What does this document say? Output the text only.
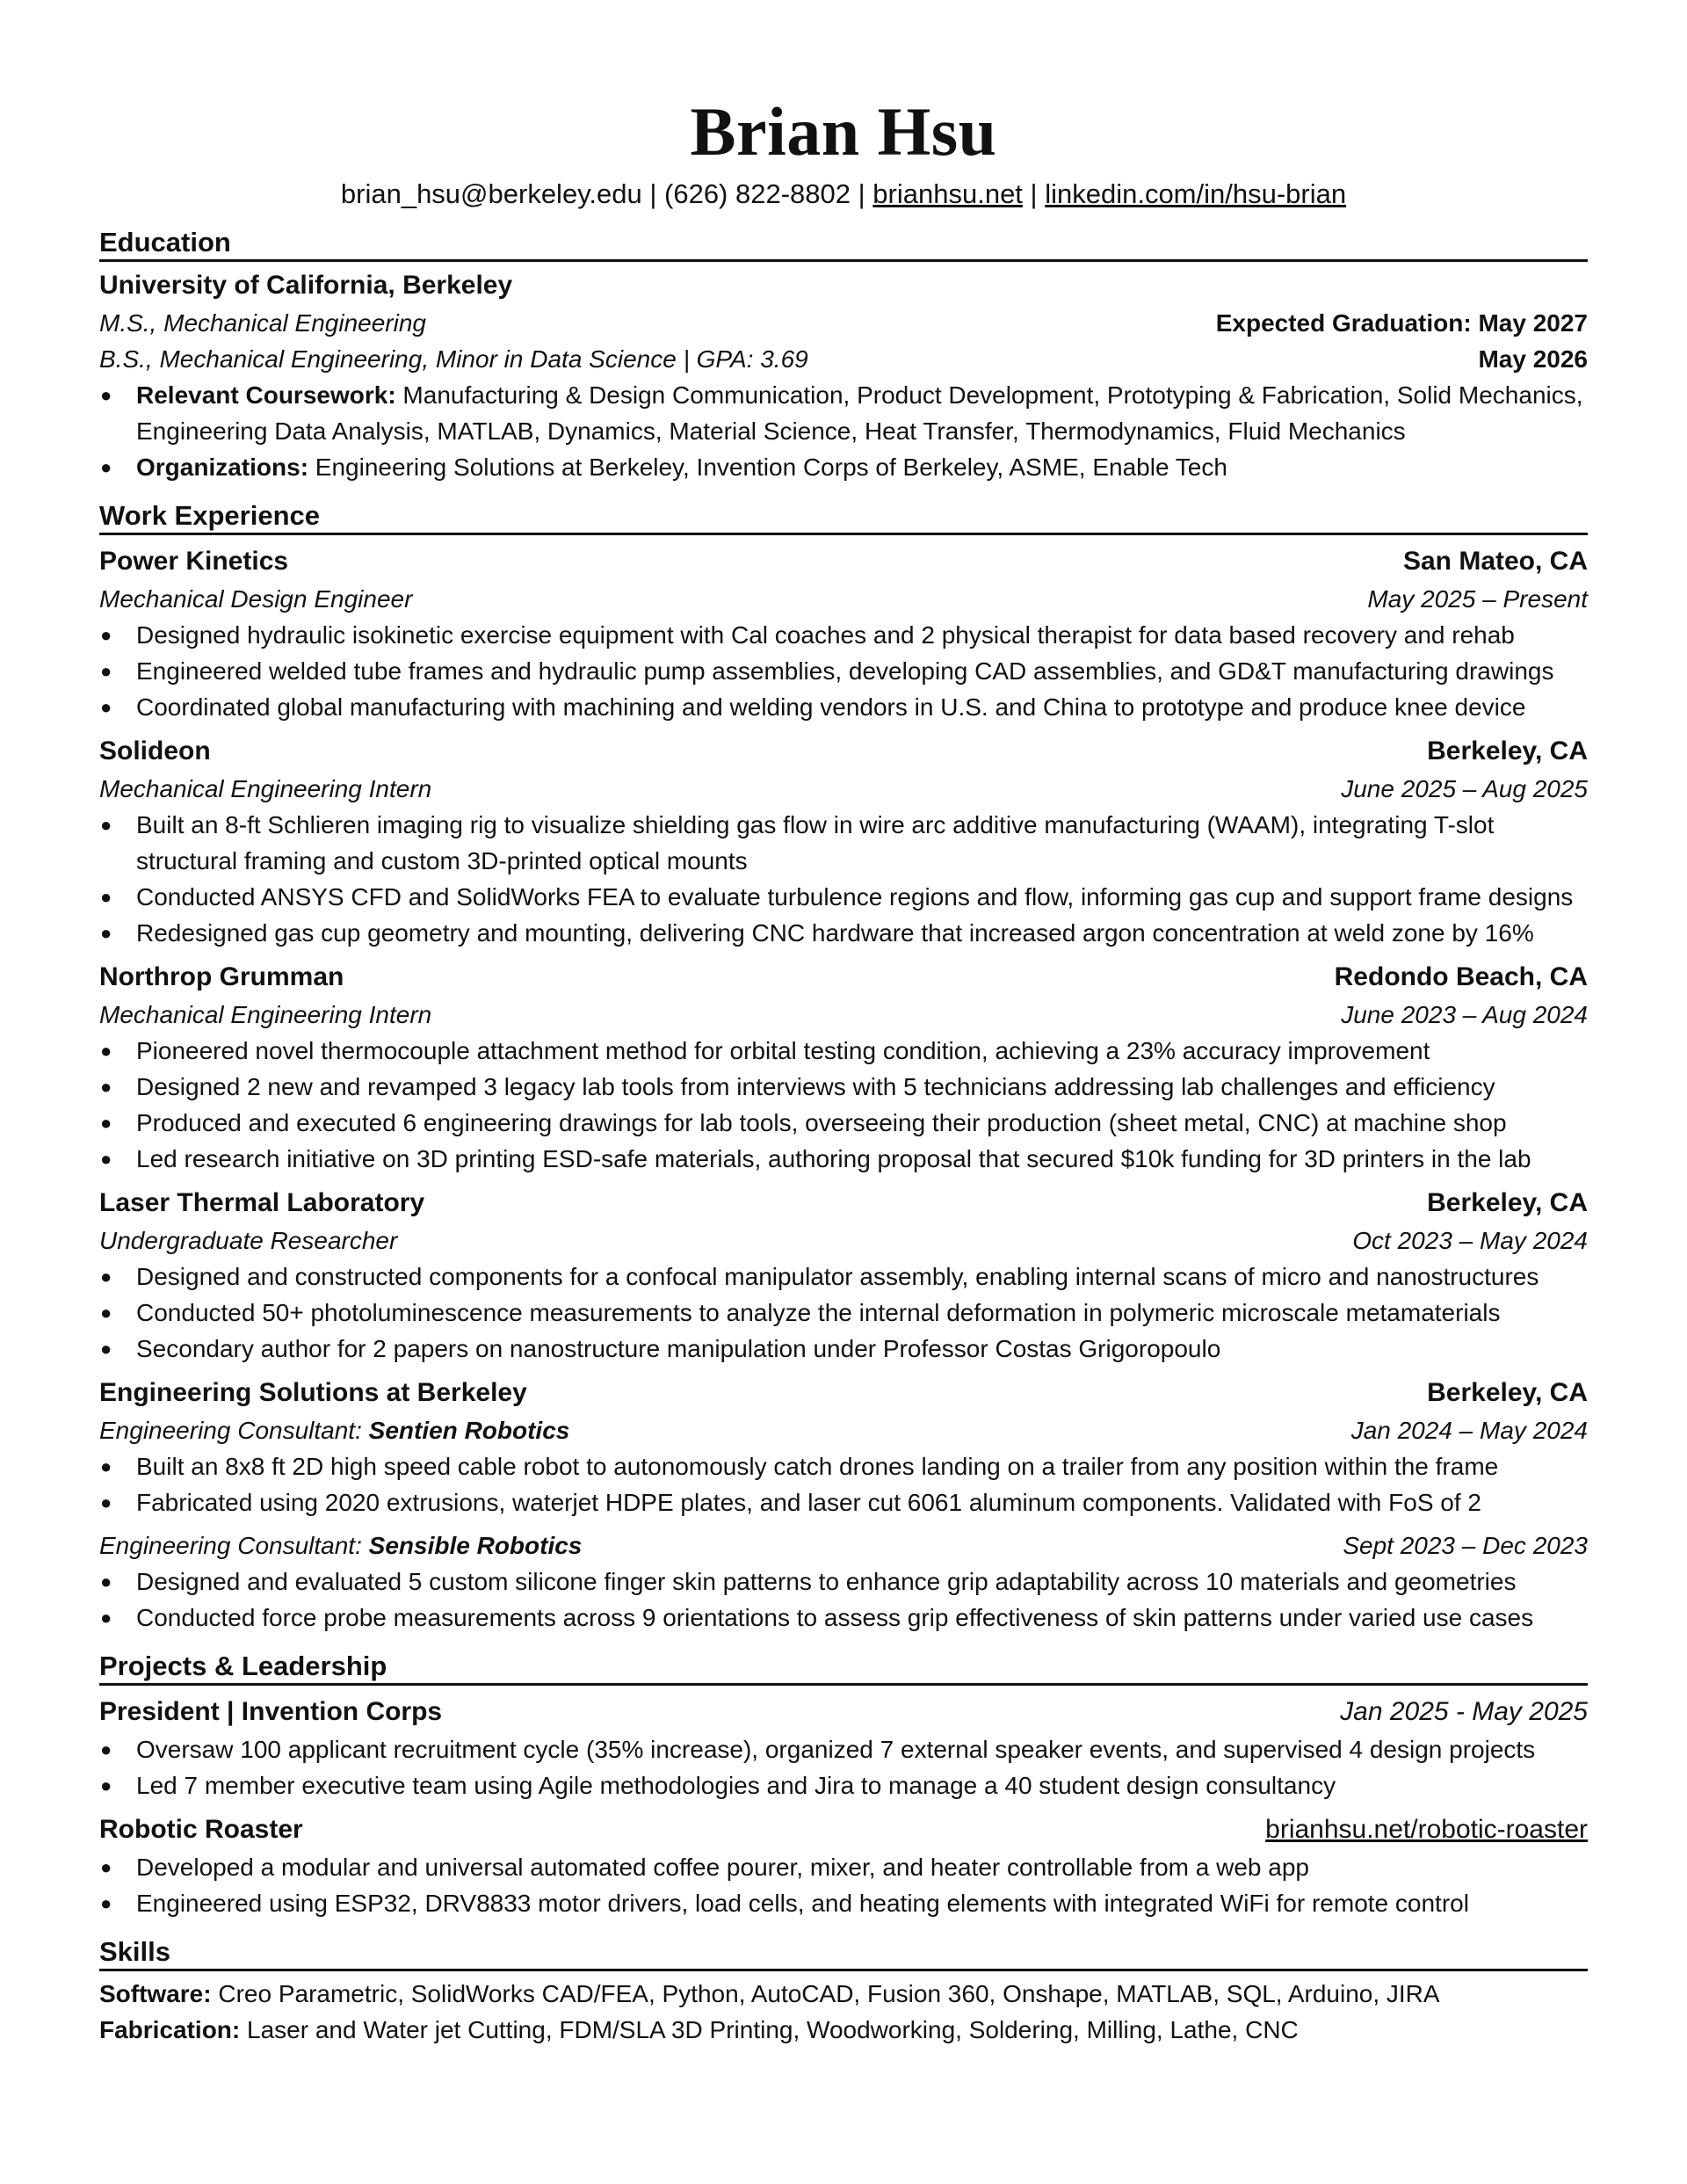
Brian Hsu
brian_hsu@berkeley.edu | (626) 822-8802 | brianhsu.net | linkedin.com/in/hsu-brian
Education
University of California, Berkeley
M.S., Mechanical Engineering	Expected Graduation: May 2027
B.S., Mechanical Engineering, Minor in Data Science | GPA: 3.69	May 2026
● Relevant Coursework: Manufacturing & Design Communication, Product Development, Prototyping & Fabrication, Solid Mechanics, Engineering Data Analysis, MATLAB, Dynamics, Material Science, Heat Transfer, Thermodynamics, Fluid Mechanics
● Organizations: Engineering Solutions at Berkeley, Invention Corps of Berkeley, ASME, Enable Tech
Work Experience
Power Kinetics	San Mateo, CA
Mechanical Design Engineer	May 2025 – Present
● Designed hydraulic isokinetic exercise equipment with Cal coaches and 2 physical therapist for data based recovery and rehab
● Engineered welded tube frames and hydraulic pump assemblies, developing CAD assemblies, and GD&T manufacturing drawings
● Coordinated global manufacturing with machining and welding vendors in U.S. and China to prototype and produce knee device
Solideon	Berkeley, CA
Mechanical Engineering Intern	June 2025 – Aug 2025
● Built an 8-ft Schlieren imaging rig to visualize shielding gas flow in wire arc additive manufacturing (WAAM), integrating T-slot structural framing and custom 3D-printed optical mounts
● Conducted ANSYS CFD and SolidWorks FEA to evaluate turbulence regions and flow, informing gas cup and support frame designs
● Redesigned gas cup geometry and mounting, delivering CNC hardware that increased argon concentration at weld zone by 16%
Northrop Grumman	Redondo Beach, CA
Mechanical Engineering Intern	June 2023 – Aug 2024
● Pioneered novel thermocouple attachment method for orbital testing condition, achieving a 23% accuracy improvement
● Designed 2 new and revamped 3 legacy lab tools from interviews with 5 technicians addressing lab challenges and efficiency
● Produced and executed 6 engineering drawings for lab tools, overseeing their production (sheet metal, CNC) at machine shop
● Led research initiative on 3D printing ESD-safe materials, authoring proposal that secured $10k funding for 3D printers in the lab
Laser Thermal Laboratory	Berkeley, CA
Undergraduate Researcher	Oct 2023 – May 2024
● Designed and constructed components for a confocal manipulator assembly, enabling internal scans of micro and nanostructures
● Conducted 50+ photoluminescence measurements to analyze the internal deformation in polymeric microscale metamaterials
● Secondary author for 2 papers on nanostructure manipulation under Professor Costas Grigoropoulo
Engineering Solutions at Berkeley	Berkeley, CA
Engineering Consultant: Sentien Robotics	Jan 2024 – May 2024
● Built an 8x8 ft 2D high speed cable robot to autonomously catch drones landing on a trailer from any position within the frame
● Fabricated using 2020 extrusions, waterjet HDPE plates, and laser cut 6061 aluminum components. Validated with FoS of 2
Engineering Consultant: Sensible Robotics	Sept 2023 – Dec 2023
● Designed and evaluated 5 custom silicone finger skin patterns to enhance grip adaptability across 10 materials and geometries
● Conducted force probe measurements across 9 orientations to assess grip effectiveness of skin patterns under varied use cases
Projects & Leadership
President | Invention Corps	Jan 2025 - May 2025
● Oversaw 100 applicant recruitment cycle (35% increase), organized 7 external speaker events, and supervised 4 design projects
● Led 7 member executive team using Agile methodologies and Jira to manage a 40 student design consultancy
Robotic Roaster	brianhsu.net/robotic-roaster
● Developed a modular and universal automated coffee pourer, mixer, and heater controllable from a web app
● Engineered using ESP32, DRV8833 motor drivers, load cells, and heating elements with integrated WiFi for remote control
Skills
Software: Creo Parametric, SolidWorks CAD/FEA, Python, AutoCAD, Fusion 360, Onshape, MATLAB, SQL, Arduino, JIRA
Fabrication: Laser and Water jet Cutting, FDM/SLA 3D Printing, Woodworking, Soldering, Milling, Lathe, CNC
